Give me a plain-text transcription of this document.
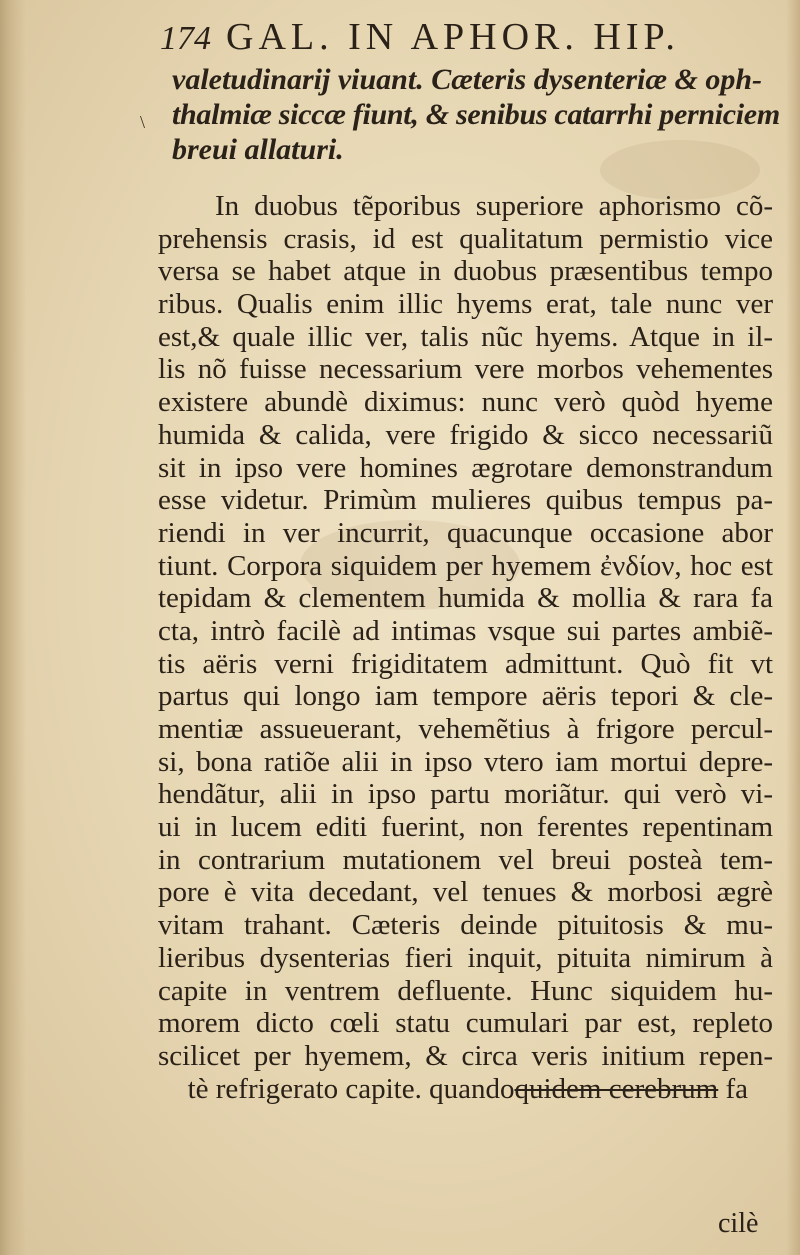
174 GAL. IN APHOR. HIP.
\
valetudinarij viuant. Cæteris dysenteriæ & oph-
thalmiæ siccæ fiunt, & senibus catarrhi perniciem
breui allaturi.
In duobus tẽporibus superiore aphorismo cõ-
prehensis crasis, id est qualitatum permistio vice
versa se habet atque in duobus præsentibus tempo
ribus. Qualis enim illic hyems erat, tale nunc ver
est,& quale illic ver, talis nũc hyems. Atque in il-
lis nõ fuisse necessarium vere morbos vehementes
existere abundè diximus: nunc verò quòd hyeme
humida & calida, vere frigido & sicco necessariũ
sit in ipso vere homines ægrotare demonstrandum
esse videtur. Primùm mulieres quibus tempus pa-
riendi in ver incurrit, quacunque occasione abor
tiunt. Corpora siquidem per hyemem ἐνδίον, hoc est
tepidam & clementem humida & mollia & rara fa
cta, intrò facilè ad intimas vsque sui partes ambiẽ-
tis aëris verni frigiditatem admittunt. Quò fit vt
partus qui longo iam tempore aëris tepori & cle-
mentiæ assueuerant, vehemẽtius à frigore percul-
si, bona ratiõe alii in ipso vtero iam mortui depre-
hendãtur, alii in ipso partu moriãtur. qui verò vi-
ui in lucem editi fuerint, non ferentes repentinam
in contrarium mutationem vel breui posteà tem-
pore è vita decedant, vel tenues & morbosi ægrè
vitam trahant. Cæteris deinde pituitosis & mu-
lieribus dysenterias fieri inquit, pituita nimirum à
capite in ventrem defluente. Hunc siquidem hu-
morem dicto cœli statu cumulari par est, repleto
scilicet per hyemem, & circa veris initium repen-
tè refrigerato capite. quandoquidem cerebrum fa
cilè
